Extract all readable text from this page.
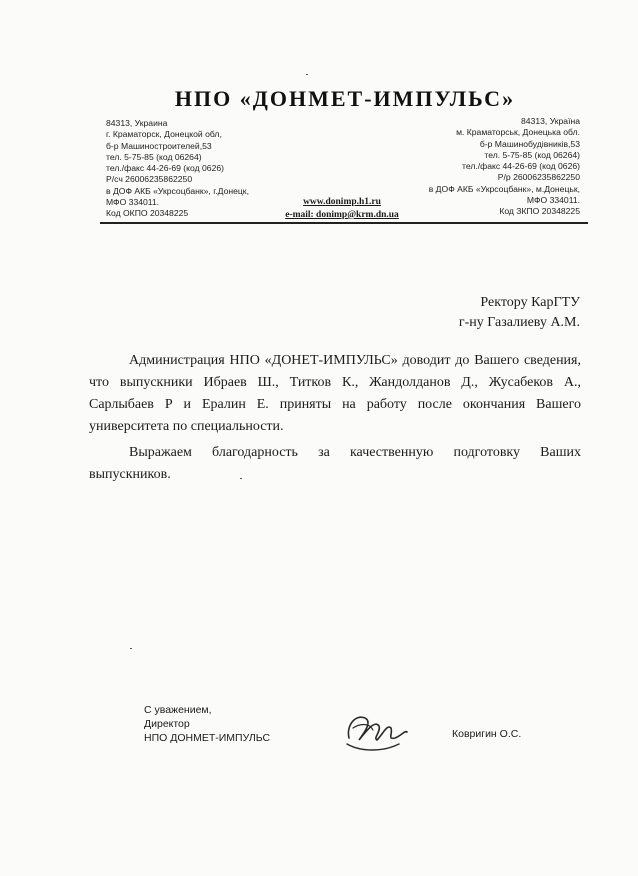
НПО «ДОНМЕТ-ИМПУЛЬС»
84313, Украина
г. Краматорск, Донецкой обл,
б-р Машиностроителей,53
тел. 5-75-85 (код 06264)
тел./факс 44-26-69 (код 0626)
Р/сч 26006235862250
в ДОФ АКБ «Укрсоцбанк», г.Донецк,
МФО 334011.
Код ОКПО 20348225
84313, Україна
м. Краматорськ, Донецька обл.
б-р Машинобудівників,53
тел. 5-75-85 (код 06264)
тел./факс 44-26-69 (код 0626)
Р/р 26006235862250
в ДОФ АКБ «Укрсоцбанк», м.Донецьк,
МФО 334011.
Код ЗКПО 20348225
www.donimp.h1.ru
e-mail: donimp@krm.dn.ua
Ректору КарГТУ
г-ну Газалиеву А.М.

Администрация НПО «ДОНЕТ-ИМПУЛЬС» доводит до Вашего сведения, что выпускники Ибраев Ш., Титков К., Жандолданов Д., Жусабеков А., Сарлыбаев Р и Ералин Е. приняты на работу после окончания Вашего университета по специальности.

Выражаем благодарность за качественную подготовку Ваших выпускников.

С уважением,
Директор
НПО ДОНМЕТ-ИМПУЛЬС	Ковригин О.С.
